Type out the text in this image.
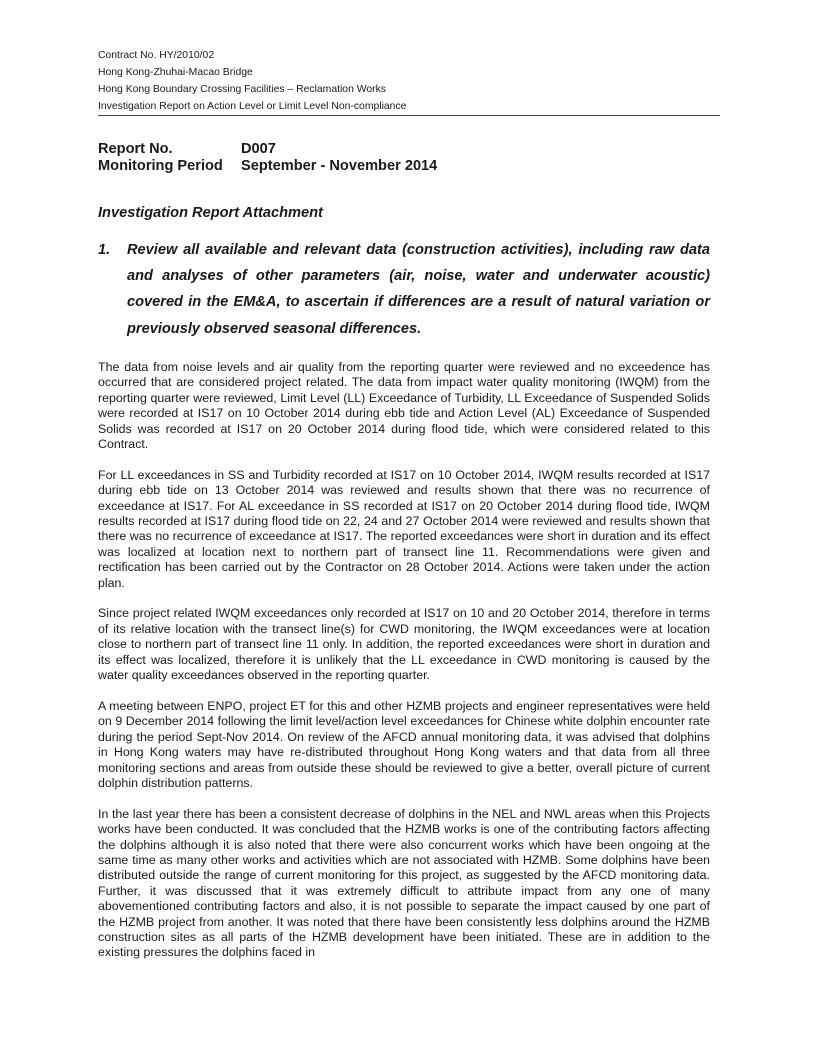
Contract No. HY/2010/02
Hong Kong-Zhuhai-Macao Bridge
Hong Kong Boundary Crossing Facilities – Reclamation Works
Investigation Report on Action Level or Limit Level Non-compliance
Report No.	D007
Monitoring Period	September - November 2014
Investigation Report Attachment
1.	Review all available and relevant data (construction activities), including raw data and analyses of other parameters (air, noise, water and underwater acoustic) covered in the EM&A, to ascertain if differences are a result of natural variation or previously observed seasonal differences.

The data from noise levels and air quality from the reporting quarter were reviewed and no exceedence has occurred that are considered project related. The data from impact water quality monitoring (IWQM) from the reporting quarter were reviewed, Limit Level (LL) Exceedance of Turbidity, LL Exceedance of Suspended Solids were recorded at IS17 on 10 October 2014 during ebb tide and Action Level (AL) Exceedance of Suspended Solids was recorded at IS17 on 20 October 2014 during flood tide, which were considered related to this Contract.

For LL exceedances in SS and Turbidity recorded at IS17 on 10 October 2014, IWQM results recorded at IS17 during ebb tide on 13 October 2014 was reviewed and results shown that there was no recurrence of exceedance at IS17. For AL exceedance in SS recorded at IS17 on 20 October 2014 during flood tide, IWQM results recorded at IS17 during flood tide on 22, 24 and 27 October 2014 were reviewed and results shown that there was no recurrence of exceedance at IS17. The reported exceedances were short in duration and its effect was localized at location next to northern part of transect line 11. Recommendations were given and rectification has been carried out by the Contractor on 28 October 2014. Actions were taken under the action plan.

Since project related IWQM exceedances only recorded at IS17 on 10 and 20 October 2014, therefore in terms of its relative location with the transect line(s) for CWD monitoring, the IWQM exceedances were at location close to northern part of transect line 11 only. In addition, the reported exceedances were short in duration and its effect was localized, therefore it is unlikely that the LL exceedance in CWD monitoring is caused by the water quality exceedances observed in the reporting quarter.

A meeting between ENPO, project ET for this and other HZMB projects and engineer representatives were held on 9 December 2014 following the limit level/action level exceedances for Chinese white dolphin encounter rate during the period Sept-Nov 2014. On review of the AFCD annual monitoring data, it was advised that dolphins in Hong Kong waters may have re-distributed throughout Hong Kong waters and that data from all three monitoring sections and areas from outside these should be reviewed to give a better, overall picture of current dolphin distribution patterns.

In the last year there has been a consistent decrease of dolphins in the NEL and NWL areas when this Projects works have been conducted. It was concluded that the HZMB works is one of the contributing factors affecting the dolphins although it is also noted that there were also concurrent works which have been ongoing at the same time as many other works and activities which are not associated with HZMB. Some dolphins have been distributed outside the range of current monitoring for this project, as suggested by the AFCD monitoring data. Further, it was discussed that it was extremely difficult to attribute impact from any one of many abovementioned contributing factors and also, it is not possible to separate the impact caused by one part of the HZMB project from another. It was noted that there have been consistently less dolphins around the HZMB construction sites as all parts of the HZMB development have been initiated. These are in addition to the existing pressures the dolphins faced in
